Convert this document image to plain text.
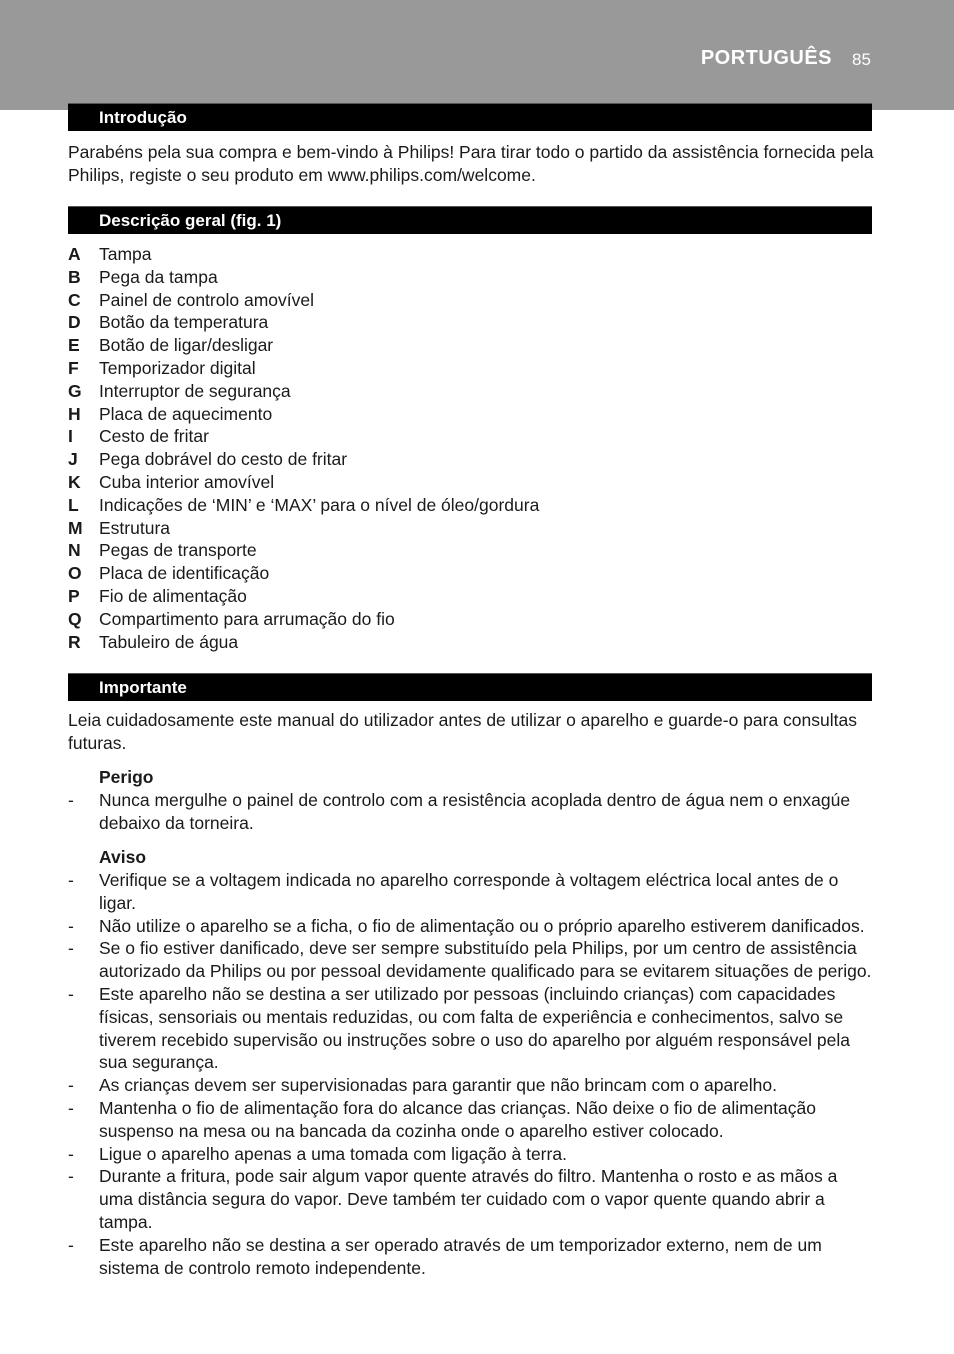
PORTUGUÊS 85
Introdução

Parabéns pela sua compra e bem-vindo à Philips! Para tirar todo o partido da assistência fornecida pela Philips, registe o seu produto em www.philips.com/welcome.

Descrição geral (fig. 1)
A Tampa
B Pega da tampa
C Painel de controlo amovível
D Botão da temperatura
E Botão de ligar/desligar
F Temporizador digital
G Interruptor de segurança
H Placa de aquecimento
I Cesto de fritar
J Pega dobrável do cesto de fritar
K Cuba interior amovível
L Indicações de ‘MIN’ e ‘MAX’ para o nível de óleo/gordura
M Estrutura
N Pegas de transporte
O Placa de identificação
P Fio de alimentação
Q Compartimento para arrumação do fio
R Tabuleiro de água
Importante

Leia cuidadosamente este manual do utilizador antes de utilizar o aparelho e guarde-o para consultas futuras.

Perigo

- Nunca mergulhe o painel de controlo com a resistência acoplada dentro de água nem o enxagúe debaixo da torneira.

Aviso

- Verifique se a voltagem indicada no aparelho corresponde à voltagem eléctrica local antes de o ligar.
- Não utilize o aparelho se a ficha, o fio de alimentação ou o próprio aparelho estiverem danificados.
- Se o fio estiver danificado, deve ser sempre substituído pela Philips, por um centro de assistência autorizado da Philips ou por pessoal devidamente qualificado para se evitarem situações de perigo.
- Este aparelho não se destina a ser utilizado por pessoas (incluindo crianças) com capacidades físicas, sensoriais ou mentais reduzidas, ou com falta de experiência e conhecimentos, salvo se tiverem recebido supervisão ou instruções sobre o uso do aparelho por alguém responsável pela sua segurança.
- As crianças devem ser supervisionadas para garantir que não brincam com o aparelho.
- Mantenha o fio de alimentação fora do alcance das crianças. Não deixe o fio de alimentação suspenso na mesa ou na bancada da cozinha onde o aparelho estiver colocado.
- Ligue o aparelho apenas a uma tomada com ligação à terra.
- Durante a fritura, pode sair algum vapor quente através do filtro. Mantenha o rosto e as mãos a uma distância segura do vapor. Deve também ter cuidado com o vapor quente quando abrir a tampa.
- Este aparelho não se destina a ser operado através de um temporizador externo, nem de um sistema de controlo remoto independente.
